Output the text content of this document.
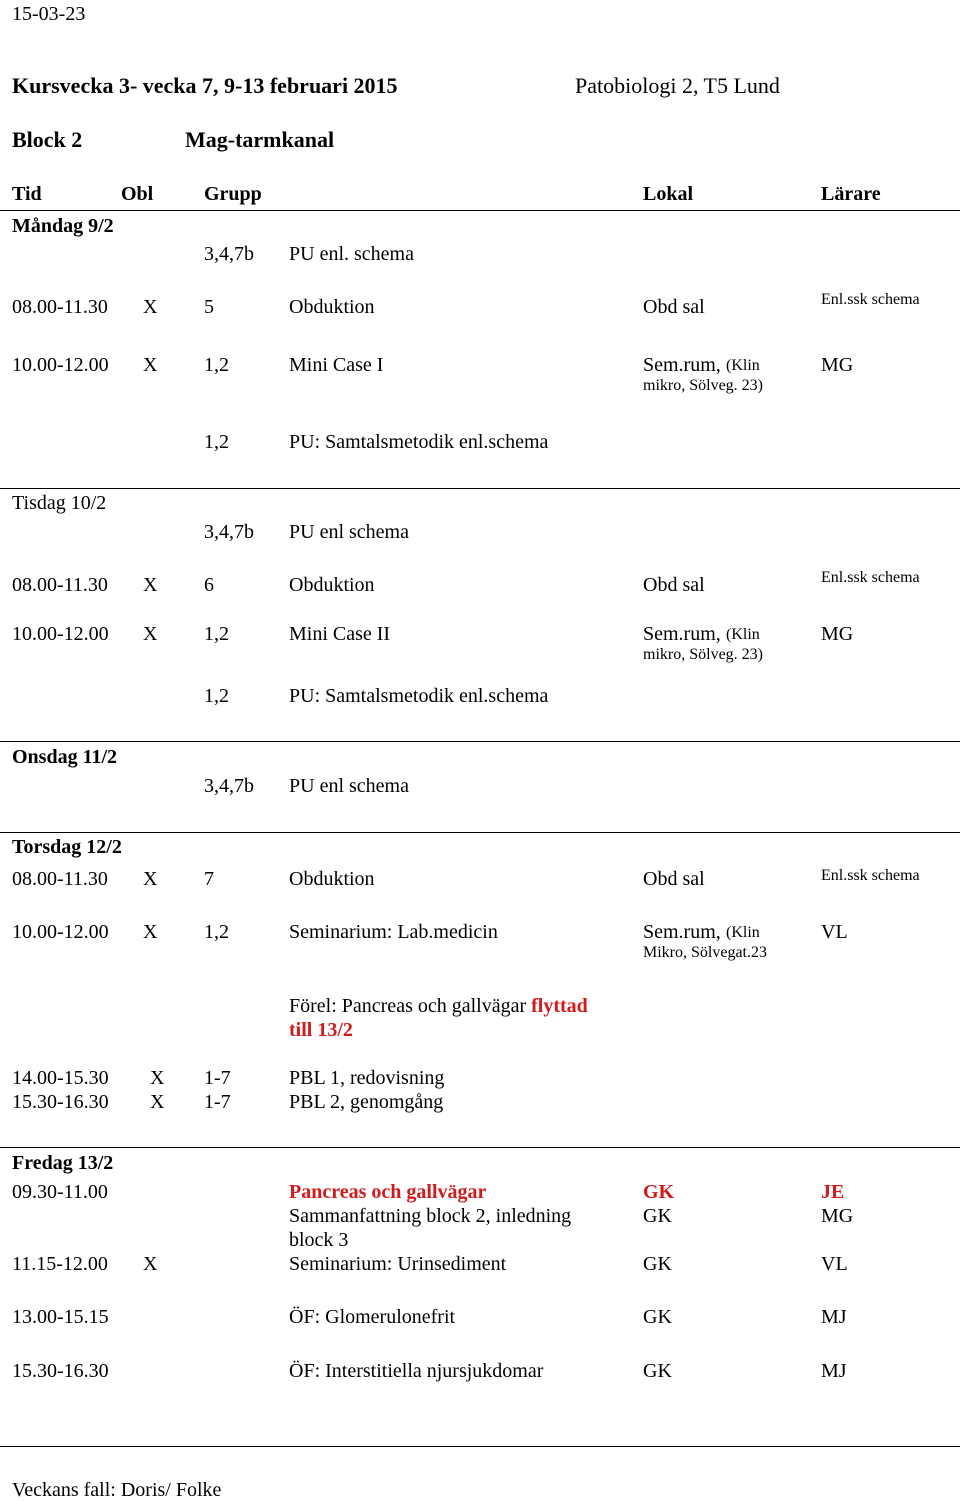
15-03-23
Kursvecka 3- vecka 7, 9-13 februari 2015	Patobiologi 2, T5 Lund
Block 2	Mag-tarmkanal
Tid	Obl	Grupp	Lokal	Lärare
Måndag 9/2
3,4,7b PU enl. schema
08.00-11.30 X 5	Obduktion	Obd sal	Enl.ssk schema
10.00-12.00 X 1,2	Mini Case I	Sem.rum, (Klin
mikro, Sölveg. 23)
MG
1,2	PU: Samtalsmetodik enl.schema
Tisdag 10/2
3,4,7b PU enl schema
08.00-11.30 X 6	Obduktion	Obd sal	Enl.ssk schema
10.00-12.00 X 1,2	Mini Case II	Sem.rum, (Klin
mikro, Sölveg. 23)
MG
1,2	PU: Samtalsmetodik enl.schema
Onsdag 11/2
3,4,7b PU enl schema
Torsdag 12/2
08.00-11.30 X 7	Obduktion	Obd sal	Enl.ssk schema
10.00-12.00 X 1,2	Seminarium: Lab.medicin	Sem.rum, (Klin
Mikro, Sölvegat.23
VL
Förel: Pancreas och gallvägar flyttad
till 13/2
14.00-15.30 X 1-7	PBL 1, redovisning
15.30-16.30 X 1-7	PBL 2, genomgång
Fredag 13/2
09.30-11.00	Pancreas och gallvägar	GK	JE
Sammanfattning block 2, inledning
block 3
GK	MG
11.15-12.00 X	Seminarium: Urinsediment	GK	VL
13.00-15.15	ÖF: Glomerulonefrit	GK	MJ
15.30-16.30	ÖF: Interstitiella njursjukdomar	GK	MJ
Veckans fall: Doris/ Folke
